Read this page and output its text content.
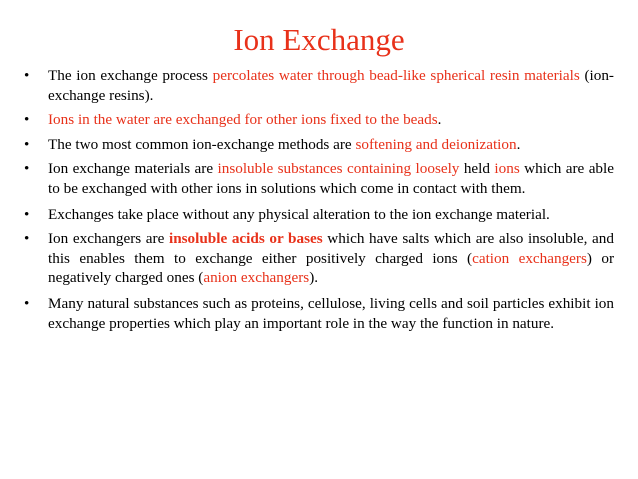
Ion Exchange
•	The ion exchange process percolates water through bead-like spherical resin materials (ion-exchange resins).
•	Ions in the water are exchanged for other ions fixed to the beads.
•	The two most common ion-exchange methods are softening and deionization.
•	Ion exchange materials are insoluble substances containing loosely held ions which are able to be exchanged with other ions in solutions which come in contact with them.
•	Exchanges take place without any physical alteration to the ion exchange material.
•	Ion exchangers are insoluble acids or bases which have salts which are also insoluble, and this enables them to exchange either positively charged ions (cation exchangers) or negatively charged ones (anion exchangers).
•	Many natural substances such as proteins, cellulose, living cells and soil particles exhibit ion exchange properties which play an important role in the way the function in nature.
